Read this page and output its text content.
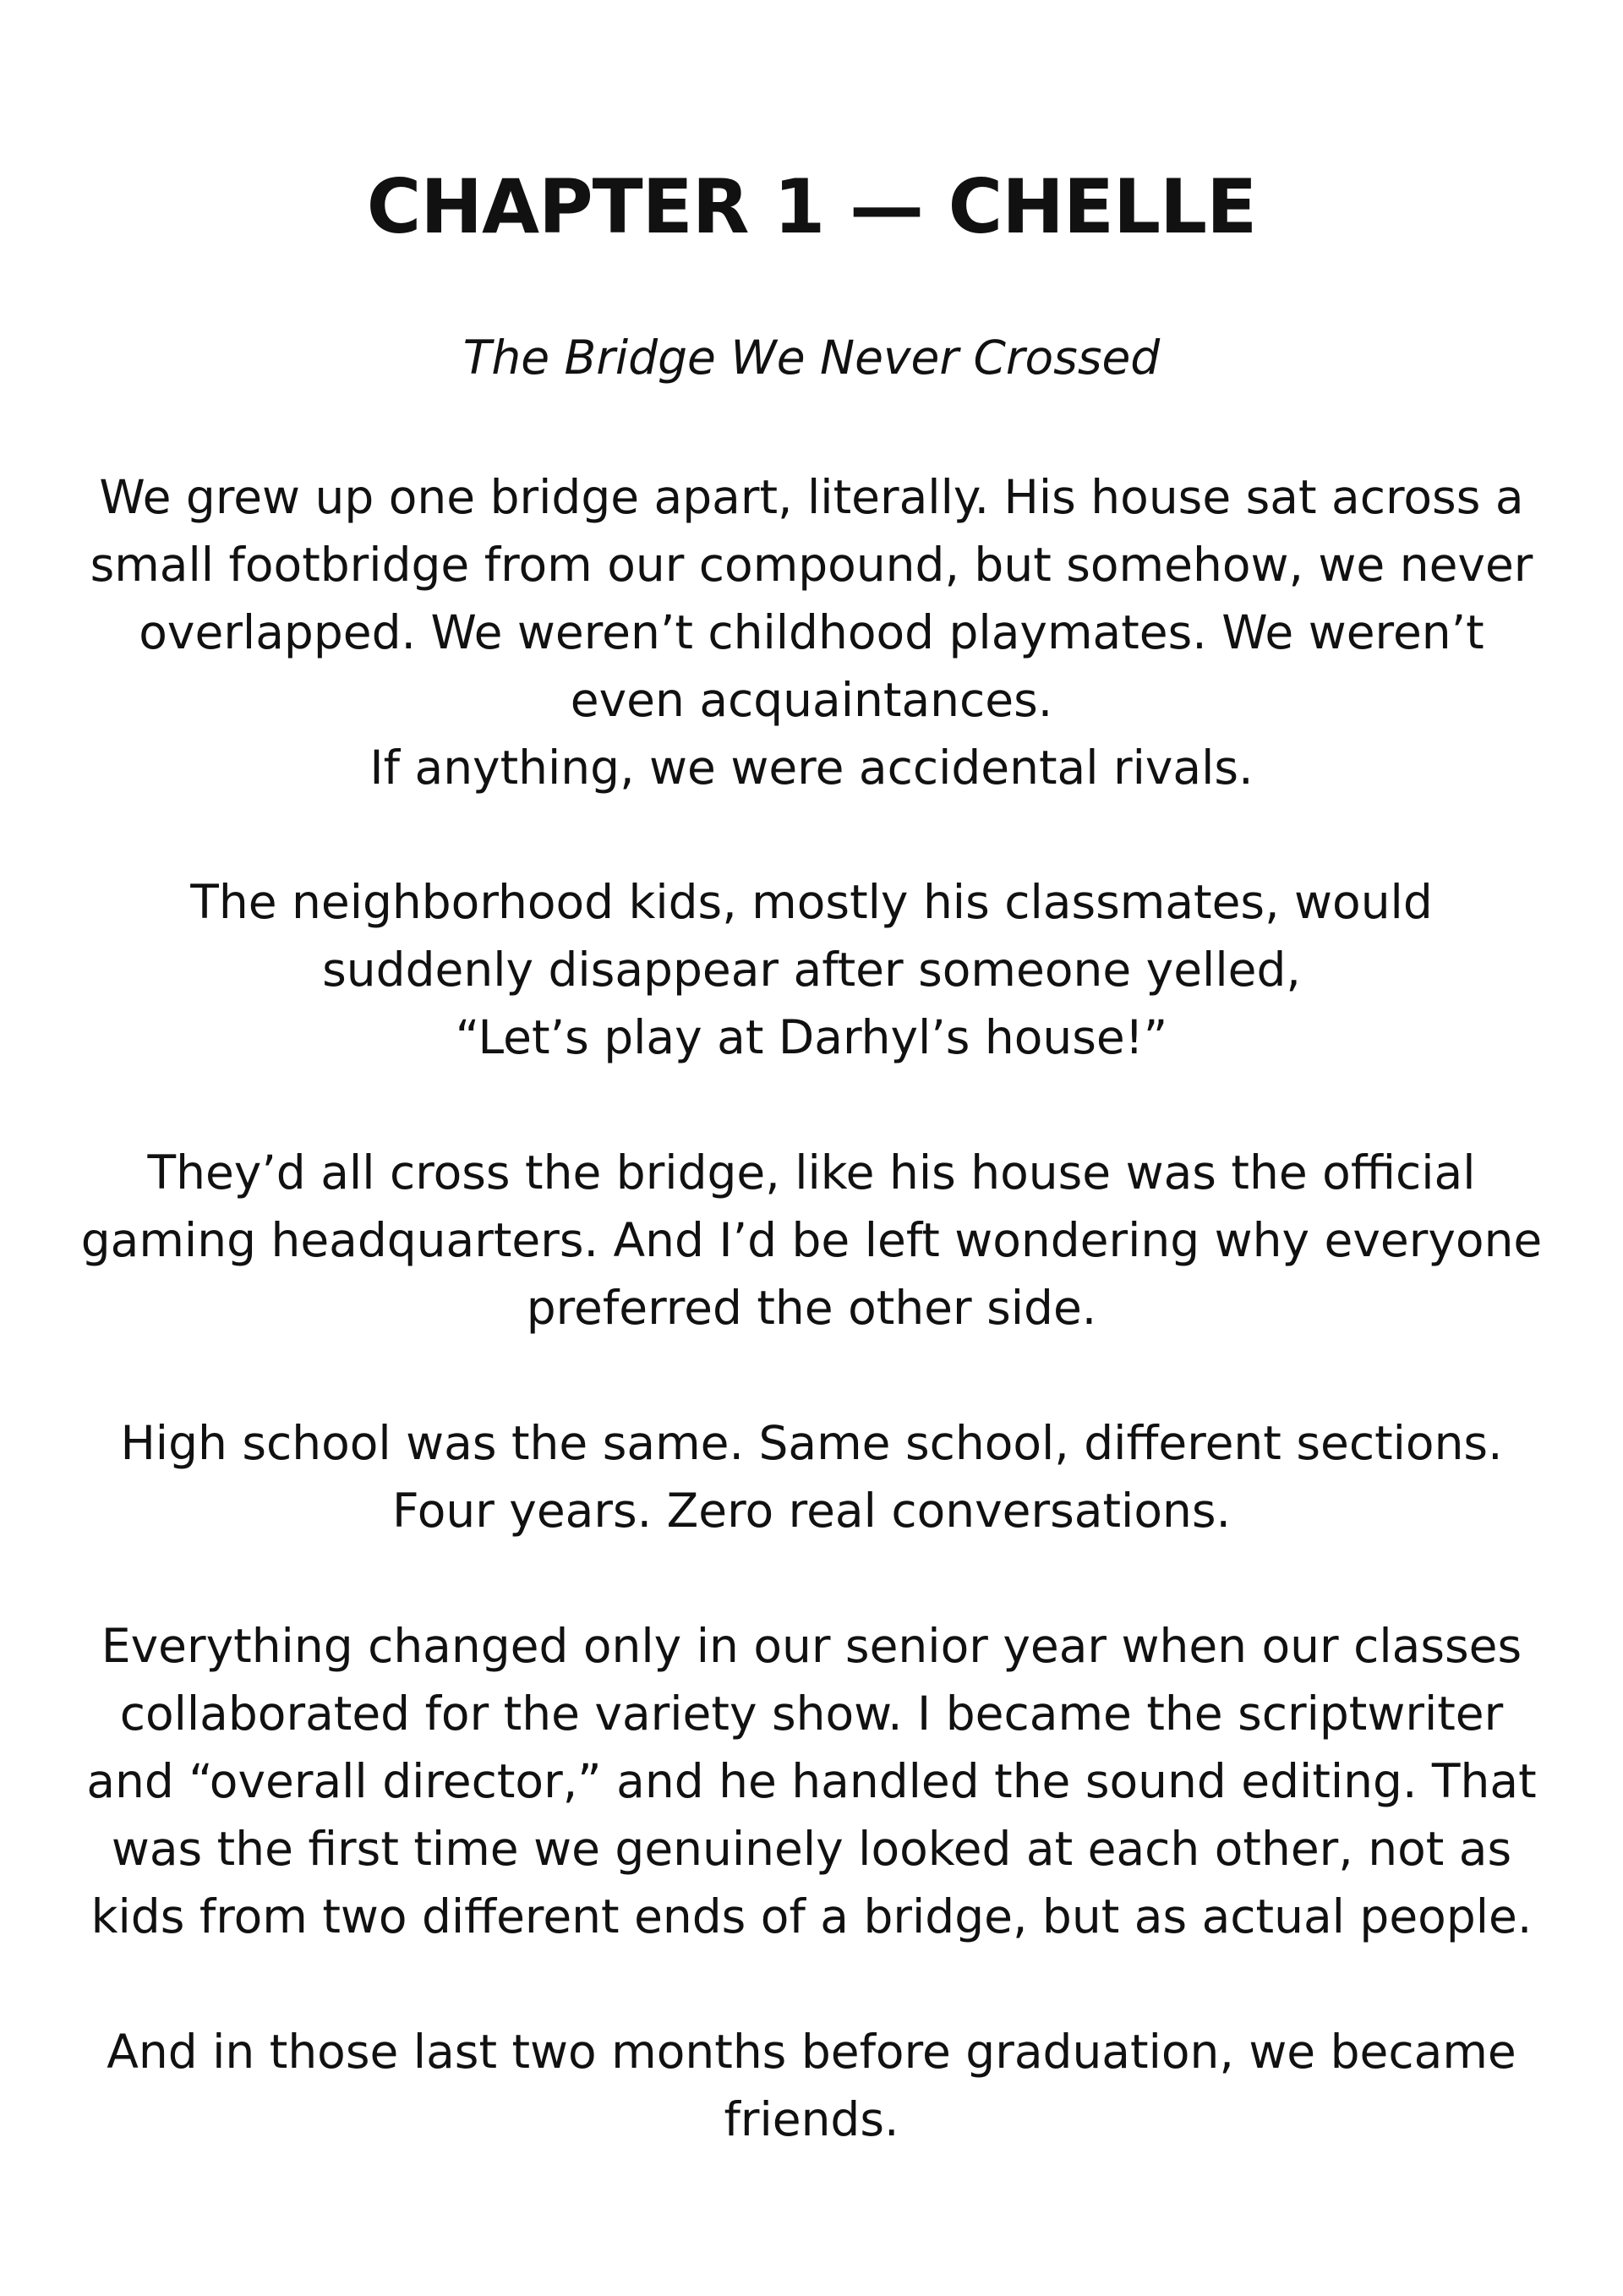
CHAPTER 1 — CHELLE

The Bridge We Never Crossed

We grew up one bridge apart, literally. His house sat across a
small footbridge from our compound, but somehow, we never
overlapped. We weren’t childhood playmates. We weren’t
even acquaintances.
If anything, we were accidental rivals.

The neighborhood kids, mostly his classmates, would
suddenly disappear after someone yelled,
“Let’s play at Darhyl’s house!”

They’d all cross the bridge, like his house was the official
gaming headquarters. And I’d be left wondering why everyone
preferred the other side.

High school was the same. Same school, different sections.
Four years. Zero real conversations.

Everything changed only in our senior year when our classes
collaborated for the variety show. I became the scriptwriter
and “overall director,” and he handled the sound editing. That
was the first time we genuinely looked at each other, not as
kids from two different ends of a bridge, but as actual people.

And in those last two months before graduation, we became
friends.
